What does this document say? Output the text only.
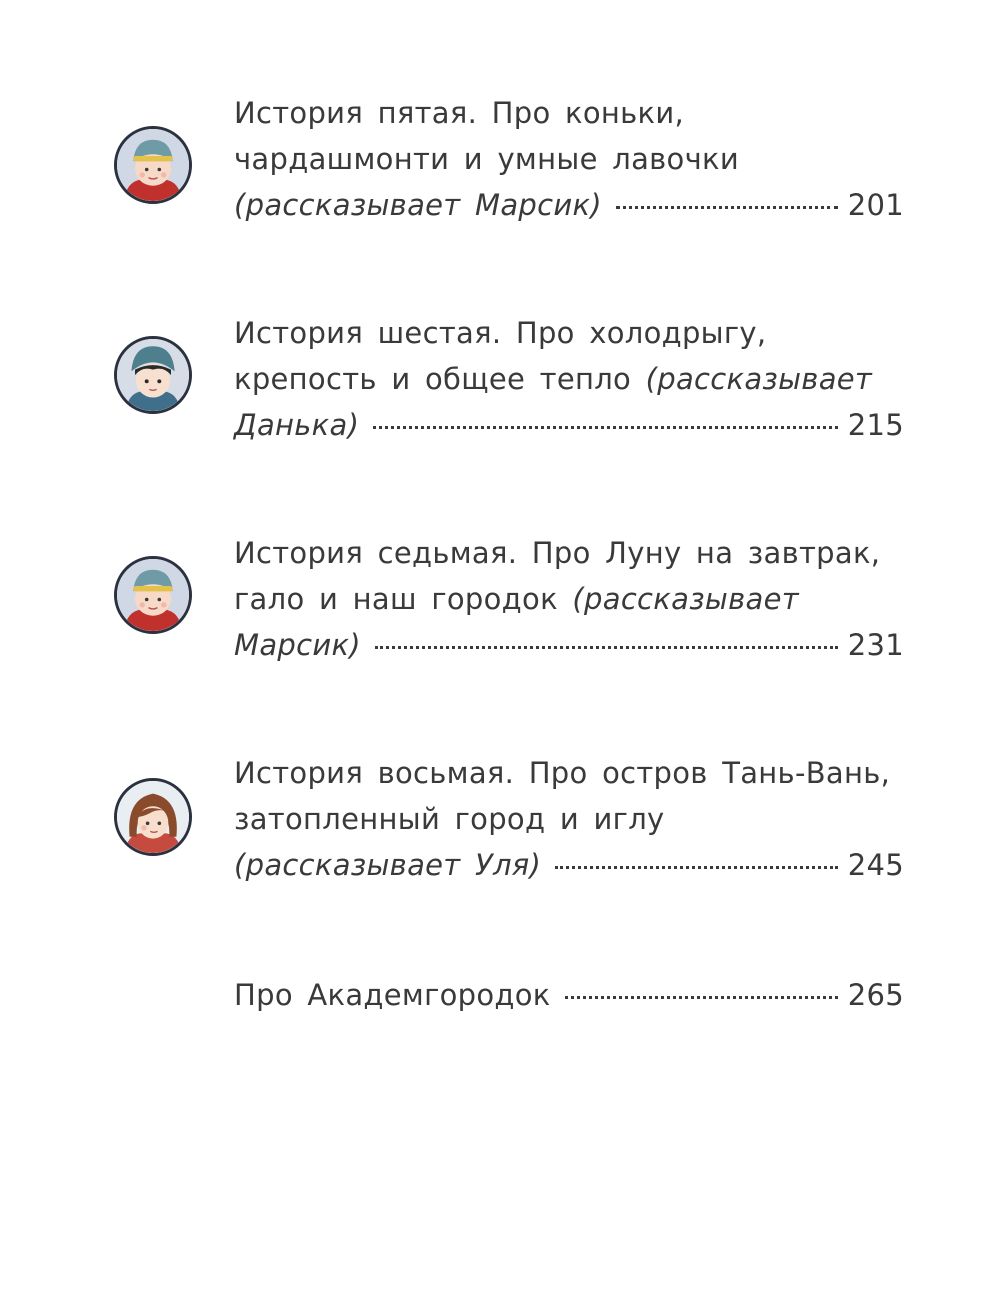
История пятая. Про коньки,
чардашмонти и умные лавочки
(рассказывает Марсик)	201
История шестая. Про холодрыгу,
крепость и общее тепло (рассказывает
Данька)	215
История седьмая. Про Луну на завтрак,
гало и наш городок (рассказывает
Марсик)	231
История восьмая. Про остров Тань-Вань,
затопленный город и иглу
(рассказывает Уля)	245
Про Академгородок	265
